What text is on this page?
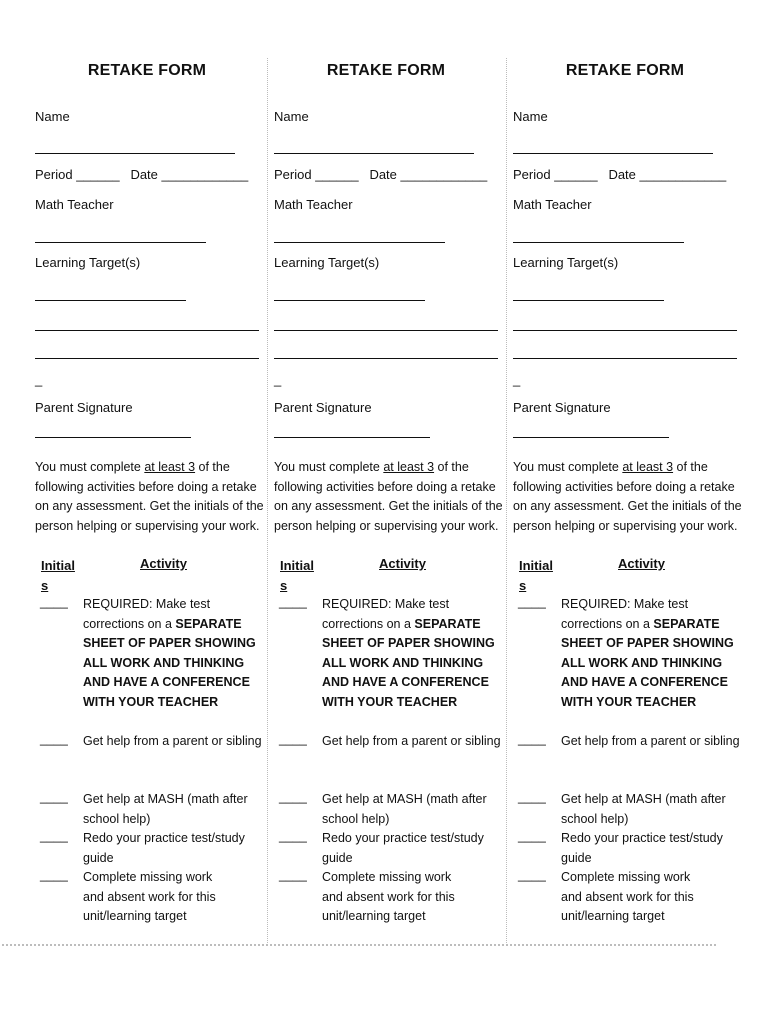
RETAKE FORM
Name
Period ______ Date ____________
Math Teacher
Learning Target(s)
_
Parent Signature
You must complete at least 3 of the following activities before doing a retake on any assessment. Get the initials of the person helping or supervising your work.
Initials
Activity
____ REQUIRED: Make test corrections on a SEPARATE SHEET OF PAPER SHOWING ALL WORK AND THINKING AND HAVE A CONFERENCE WITH YOUR TEACHER
____ Get help from a parent or sibling
____ Get help at MASH (math after school help)
____ Redo your practice test/study guide
____ Complete missing work and absent work for this unit/learning target
RETAKE FORM
Name
Period ______ Date ____________
Math Teacher
Learning Target(s)
_
Parent Signature
You must complete at least 3 of the following activities before doing a retake on any assessment. Get the initials of the person helping or supervising your work.
Initials
Activity
____ REQUIRED: Make test corrections on a SEPARATE SHEET OF PAPER SHOWING ALL WORK AND THINKING AND HAVE A CONFERENCE WITH YOUR TEACHER
____ Get help from a parent or sibling
____ Get help at MASH (math after school help)
____ Redo your practice test/study guide
____ Complete missing work and absent work for this unit/learning target
RETAKE FORM
Name
Period ______ Date ____________
Math Teacher
Learning Target(s)
_
Parent Signature
You must complete at least 3 of the following activities before doing a retake on any assessment. Get the initials of the person helping or supervising your work.
Initials
Activity
____ REQUIRED: Make test corrections on a SEPARATE SHEET OF PAPER SHOWING ALL WORK AND THINKING AND HAVE A CONFERENCE WITH YOUR TEACHER
____ Get help from a parent or sibling
____ Get help at MASH (math after school help)
____ Redo your practice test/study guide
____ Complete missing work and absent work for this unit/learning target
